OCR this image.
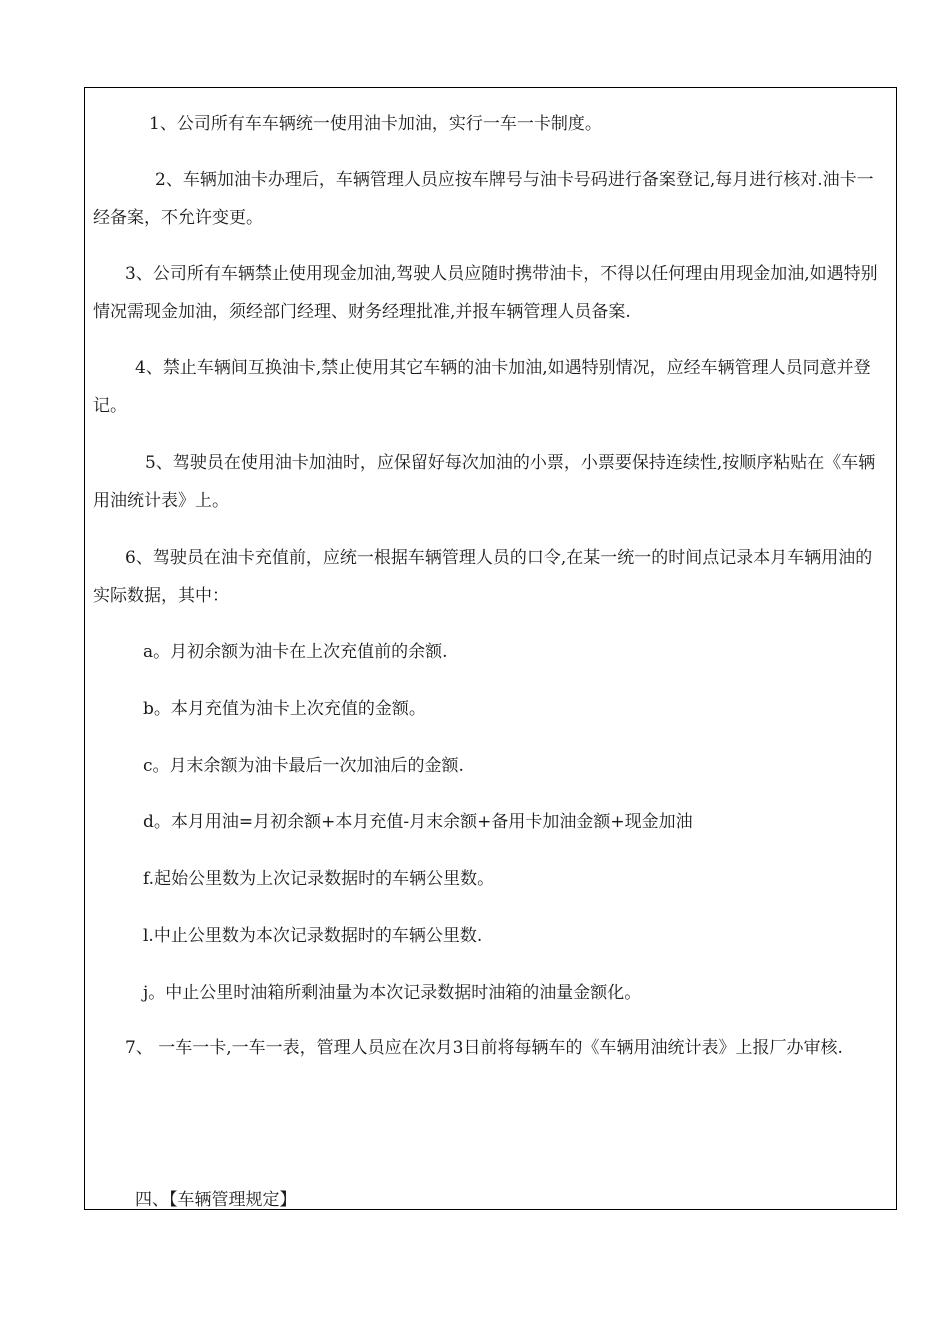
1、公司所有车车辆统一使用油卡加油，实行一车一卡制度。

2、车辆加油卡办理后，车辆管理人员应按车牌号与油卡号码进行备案登记,每月进行核对.油卡一经备案，不允许变更。

3、公司所有车辆禁止使用现金加油,驾驶人员应随时携带油卡，不得以任何理由用现金加油,如遇特别情况需现金加油，须经部门经理、财务经理批准,并报车辆管理人员备案.

4、禁止车辆间互换油卡,禁止使用其它车辆的油卡加油,如遇特别情况，应经车辆管理人员同意并登记。

5、驾驶员在使用油卡加油时，应保留好每次加油的小票，小票要保持连续性,按顺序粘贴在《车辆用油统计表》上。

6、驾驶员在油卡充值前，应统一根据车辆管理人员的口令,在某一统一的时间点记录本月车辆用油的实际数据，其中：

a。月初余额为油卡在上次充值前的余额.

b。本月充值为油卡上次充值的金额。

c。月末余额为油卡最后一次加油后的金额.

d。本月用油=月初余额+本月充值-月末余额+备用卡加油金额+现金加油

f.起始公里数为上次记录数据时的车辆公里数。

l.中止公里数为本次记录数据时的车辆公里数.

j。中止公里时油箱所剩油量为本次记录数据时油箱的油量金额化。

7、 一车一卡,一车一表，管理人员应在次月3日前将每辆车的《车辆用油统计表》上报厂办审核.

四、【车辆管理规定】
